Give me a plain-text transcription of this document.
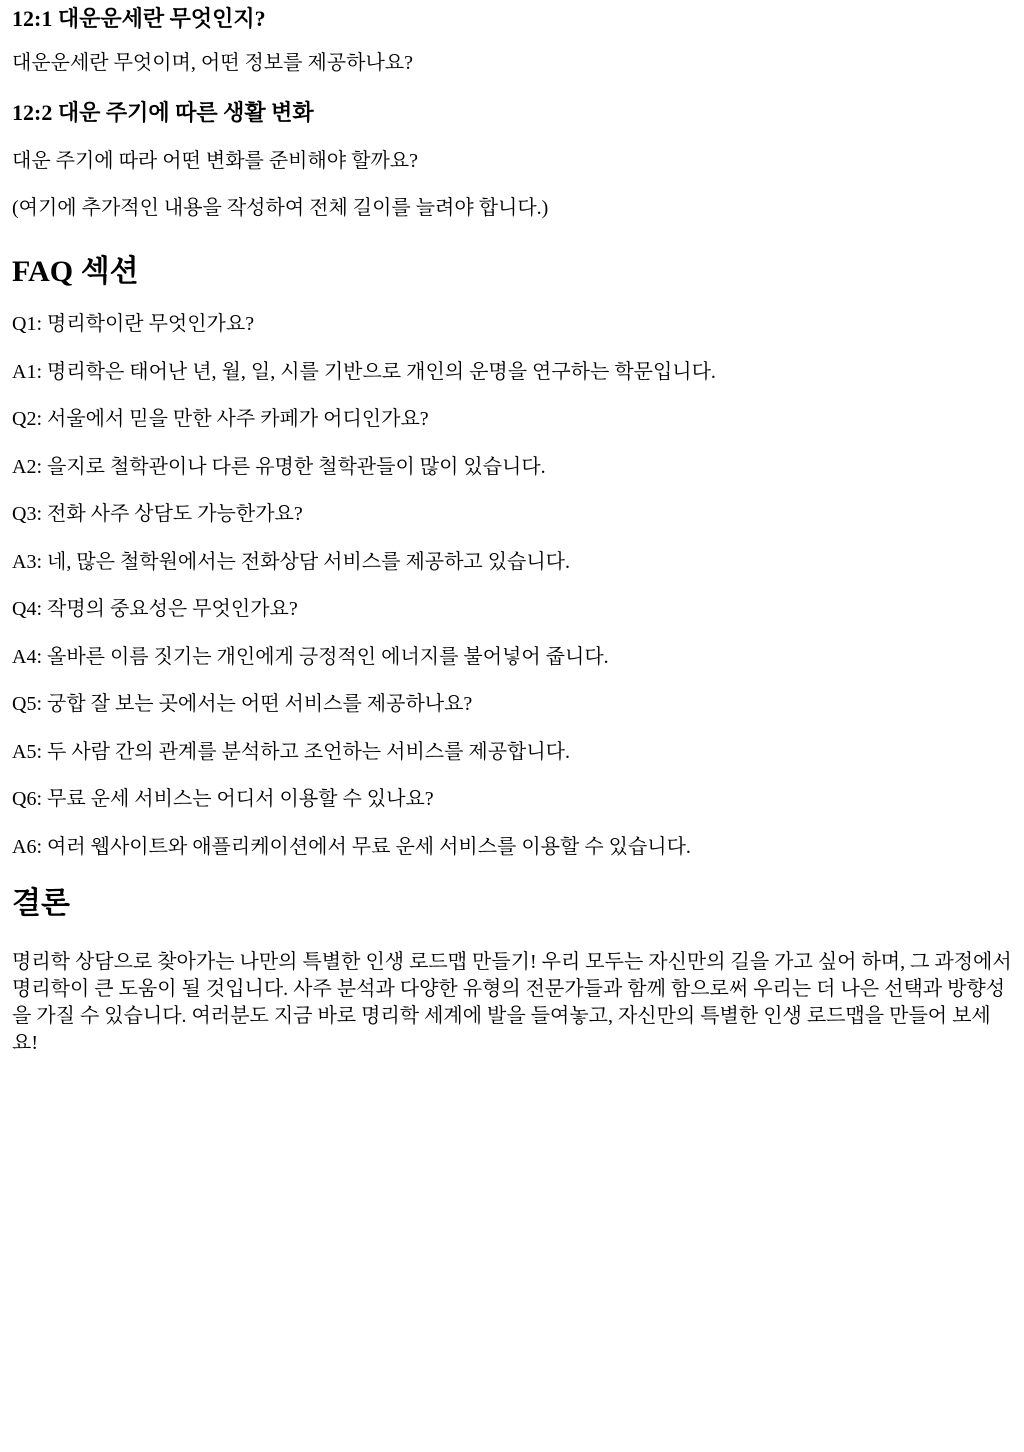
12:1 대운운세란 무엇인지?

대운운세란 무엇이며, 어떤 정보를 제공하나요?

12:2 대운 주기에 따른 생활 변화

대운 주기에 따라 어떤 변화를 준비해야 할까요?

(여기에 추가적인 내용을 작성하여 전체 길이를 늘려야 합니다.)

FAQ 섹션

Q1: 명리학이란 무엇인가요?

A1: 명리학은 태어난 년, 월, 일, 시를 기반으로 개인의 운명을 연구하는 학문입니다.

Q2: 서울에서 믿을 만한 사주 카페가 어디인가요?

A2: 을지로 철학관이나 다른 유명한 철학관들이 많이 있습니다.

Q3: 전화 사주 상담도 가능한가요?

A3: 네, 많은 철학원에서는 전화상담 서비스를 제공하고 있습니다.

Q4: 작명의 중요성은 무엇인가요?

A4: 올바른 이름 짓기는 개인에게 긍정적인 에너지를 불어넣어 줍니다.

Q5: 궁합 잘 보는 곳에서는 어떤 서비스를 제공하나요?

A5: 두 사람 간의 관계를 분석하고 조언하는 서비스를 제공합니다.

Q6: 무료 운세 서비스는 어디서 이용할 수 있나요?

A6: 여러 웹사이트와 애플리케이션에서 무료 운세 서비스를 이용할 수 있습니다.

결론

명리학 상담으로 찾아가는 나만의 특별한 인생 로드맵 만들기! 우리 모두는 자신만의 길을 가고 싶어 하며, 그 과정에서 명리학이 큰 도움이 될 것입니다. 사주 분석과 다양한 유형의 전문가들과 함께 함으로써 우리는 더 나은 선택과 방향성을 가질 수 있습니다. 여러분도 지금 바로 명리학 세계에 발을 들여놓고, 자신만의 특별한 인생 로드맵을 만들어 보세요!
